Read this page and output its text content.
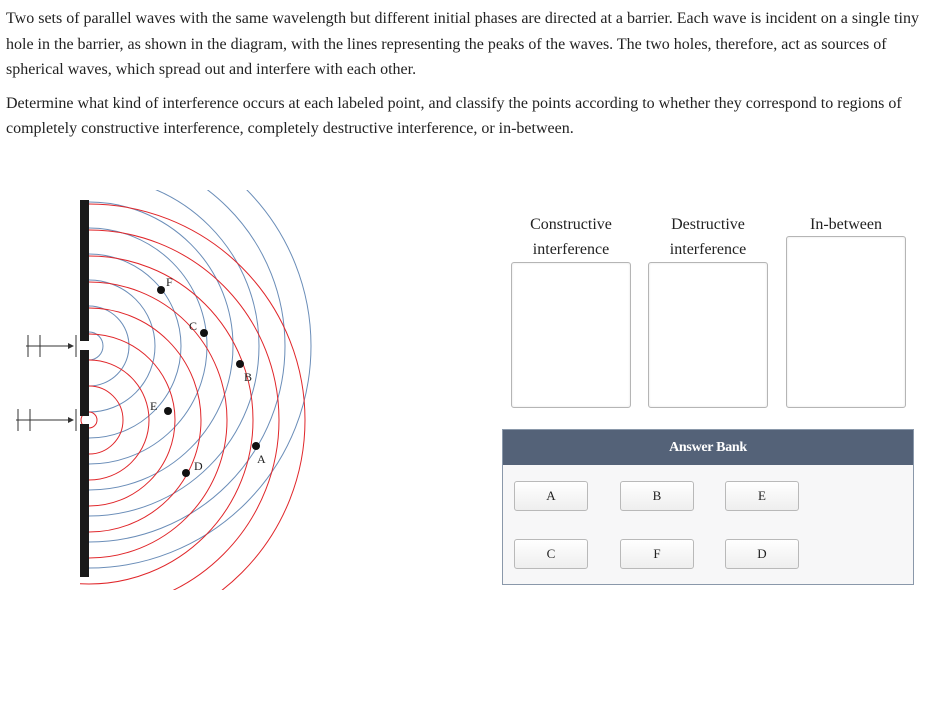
Two sets of parallel waves with the same wavelength but different initial phases are directed at a barrier. Each wave is incident on a single tiny hole in the barrier, as shown in the diagram, with the lines representing the peaks of the waves. The two holes, therefore, act as sources of spherical waves, which spread out and interfere with each other.

Determine what kind of interference occurs at each labeled point, and classify the points according to whether they correspond to regions of completely constructive interference, completely destructive interference, or in-between.

F
C
B
E
A
D
Constructive
interference
Destructive
interference
In-between
Answer Bank
A	B	E
C	F	D
